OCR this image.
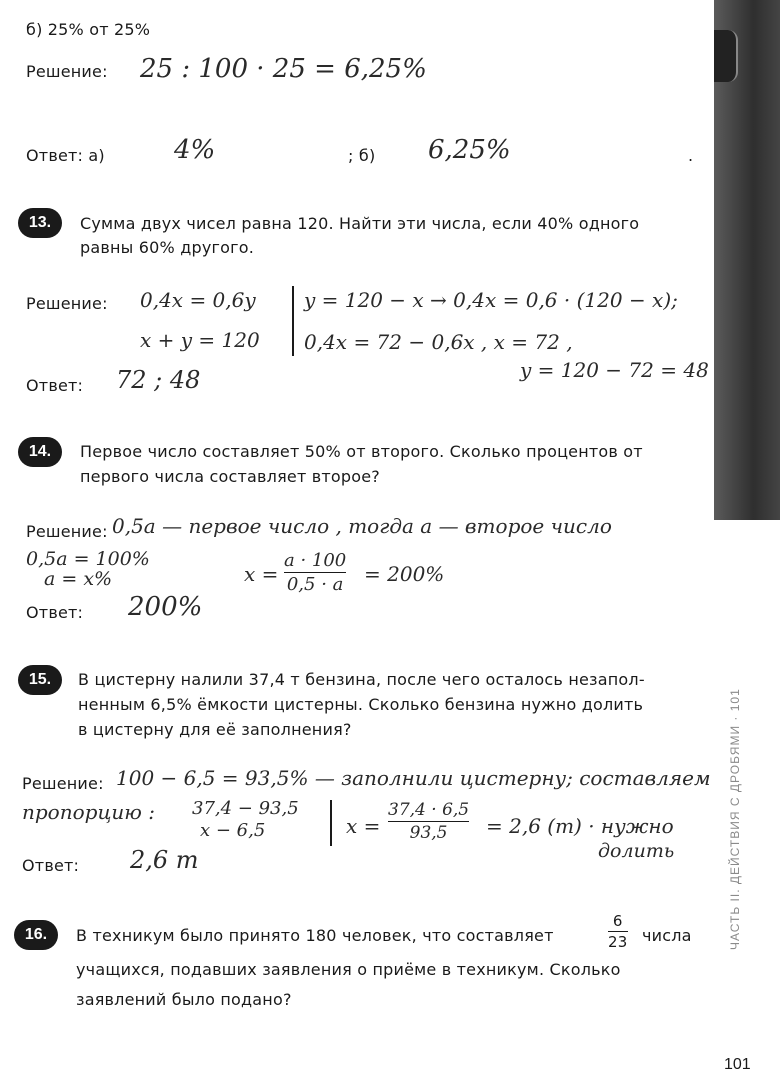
ЧАСТЬ II. ДЕЙСТВИЯ С ДРОБЯМИ · 101
б) 25% от 25%
Решение: 25 : 100 · 25 = 6,25%
Ответ: а)	4%	; б) 6,25%	.
13.	Сумма двух чисел равна 120. Найти эти числа, если 40% одного
равны 60% другого.
Решение: 0,4x = 0,6y
x + y = 120
y = 120 − x → 0,4x = 0,6 · (120 − x);
0,4x = 72 − 0,6x , x = 72 ,
y = 120 − 72 = 48
Ответ: 72 ; 48
14.	Первое число составляет 50% от второго. Сколько процентов от
первого числа составляет второе?
Решение: 0,5a — первое число , тогда a — второе число
0,5a = 100%
a = x%	x =
a · 100
0,5 · a = 200%
Ответ: 200%
15.	В цистерну налили 37,4 т бензина, после чего осталось незапол-
ненным 6,5% ёмкости цистерны. Сколько бензина нужно долить
в цистерну для её заполнения?
Решение: 100 − 6,5 = 93,5% — заполнили цистерну; составляем
пропорцию : 37,4 − 93,5
x − 6,5	x =
37,4 · 6,5
93,5 = 2,6 (т) · нужно
долить
Ответ: 2,6 т
16.	В техникум было принято 180 человек, что составляет
6
23 числа
учащихся, подавших заявления о приёме в техникум. Сколько
заявлений было подано?
101
